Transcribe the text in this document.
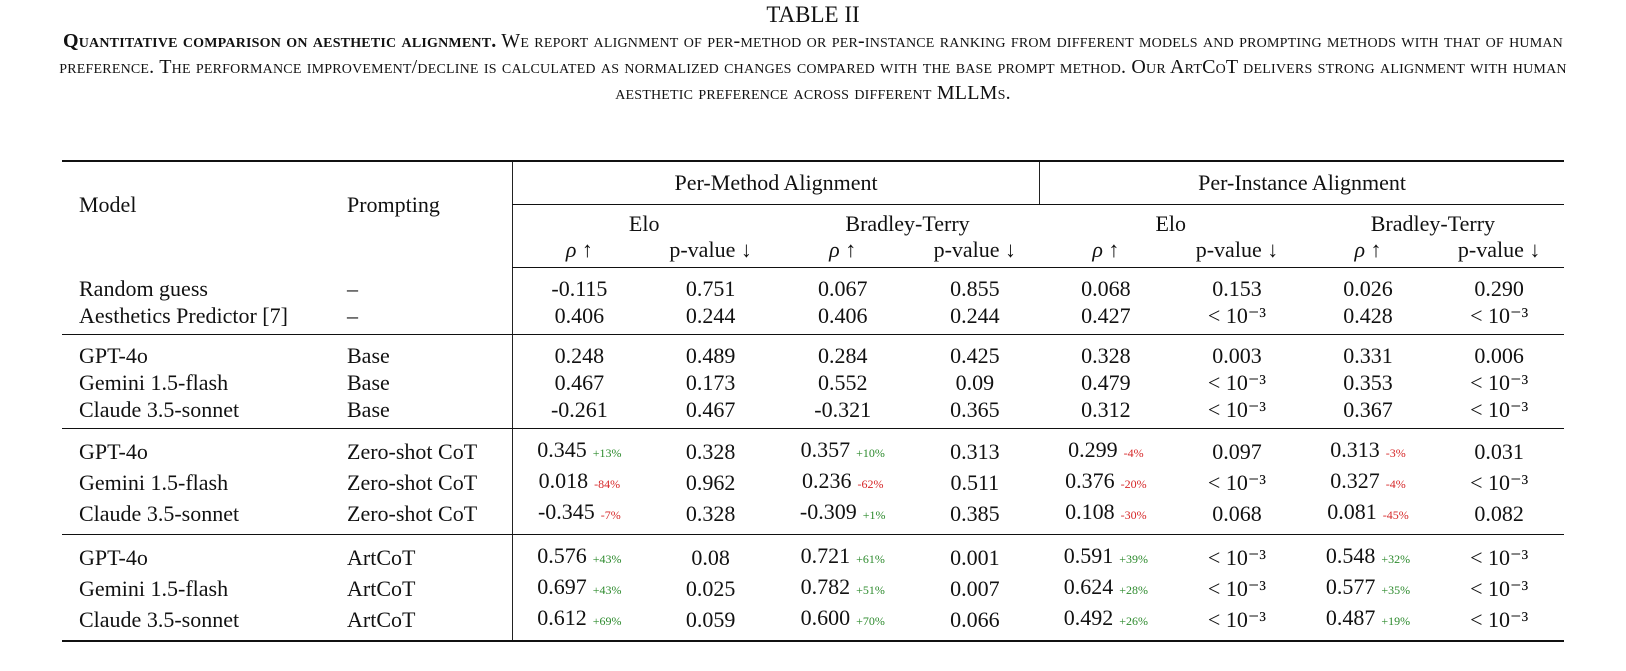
TABLE II
Quantitative comparison on aesthetic alignment. We report alignment of per-method or per-instance ranking from different models and prompting methods with that of human preference. The performance improvement/decline is calculated as normalized changes compared with the base prompt method. Our ArtCoT delivers strong alignment with human aesthetic preference across different MLLMs.
Model	Prompting	Per-Method Alignment				Per-Instance Alignment			
		Elo		Bradley-Terry		Elo		Bradley-Terry	
		ρ ↑	p-value ↓	ρ ↑	p-value ↓	ρ ↑	p-value ↓	ρ ↑	p-value ↓
Random guess	–	-0.115	0.751	0.067	0.855	0.068	0.153	0.026	0.290
Aesthetics Predictor [7]	–	0.406	0.244	0.406	0.244	0.427	< 10⁻³	0.428	< 10⁻³
GPT-4o	Base	0.248	0.489	0.284	0.425	0.328	0.003	0.331	0.006
Gemini 1.5-flash	Base	0.467	0.173	0.552	0.09	0.479	< 10⁻³	0.353	< 10⁻³
Claude 3.5-sonnet	Base	-0.261	0.467	-0.321	0.365	0.312	< 10⁻³	0.367	< 10⁻³
GPT-4o	Zero-shot CoT	0.345 +13%	0.328	0.357 +10%	0.313	0.299 -4%	0.097	0.313 -3%	0.031
Gemini 1.5-flash	Zero-shot CoT	0.018 -84%	0.962	0.236 -62%	0.511	0.376 -20%	< 10⁻³	0.327 -4%	< 10⁻³
Claude 3.5-sonnet	Zero-shot CoT	-0.345 -7%	0.328	-0.309 +1%	0.385	0.108 -30%	0.068	0.081 -45%	0.082
GPT-4o	ArtCoT	0.576 +43%	0.08	0.721 +61%	0.001	0.591 +39%	< 10⁻³	0.548 +32%	< 10⁻³
Gemini 1.5-flash	ArtCoT	0.697 +43%	0.025	0.782 +51%	0.007	0.624 +28%	< 10⁻³	0.577 +35%	< 10⁻³
Claude 3.5-sonnet	ArtCoT	0.612 +69%	0.059	0.600 +70%	0.066	0.492 +26%	< 10⁻³	0.487 +19%	< 10⁻³
